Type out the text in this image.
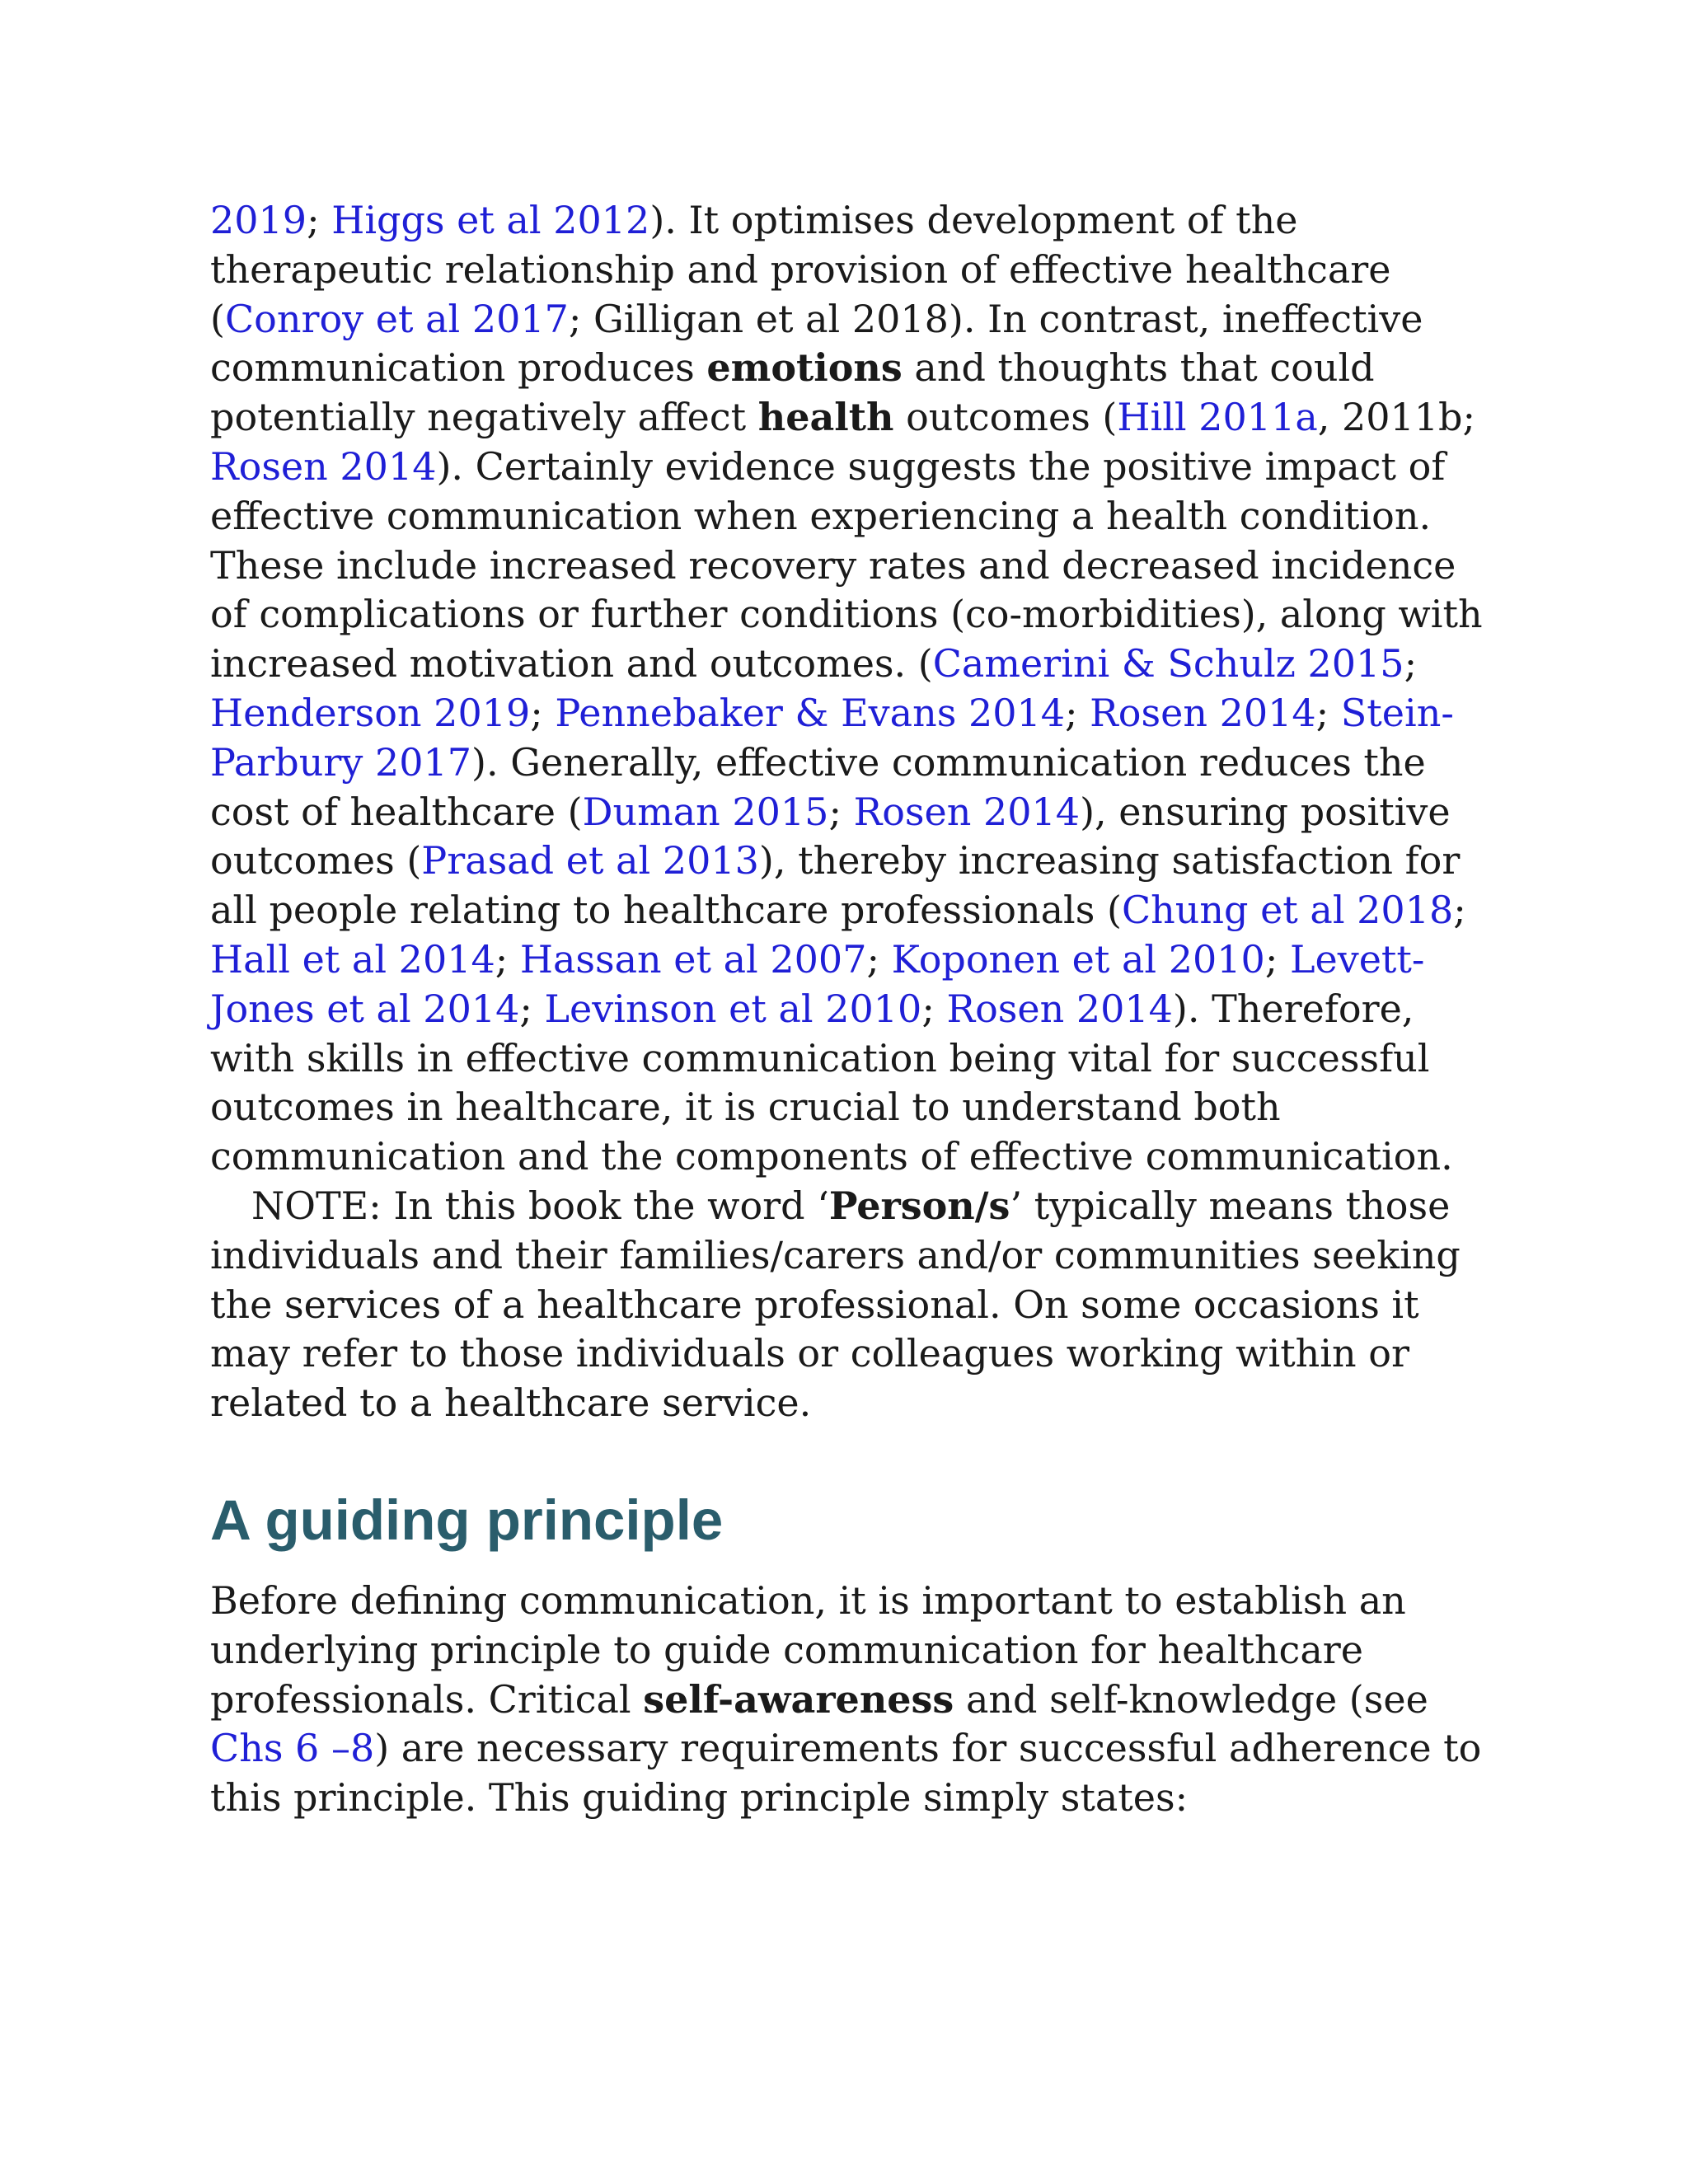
2019; Higgs et al 2012). It optimises development of the therapeutic relationship and provision of effective healthcare (Conroy et al 2017; Gilligan et al 2018). In contrast, ineffective communication produces emotions and thoughts that could potentially negatively affect health outcomes (Hill 2011a, 2011b; Rosen 2014). Certainly evidence suggests the positive impact of effective communication when experiencing a health condition. These include increased recovery rates and decreased incidence of complications or further conditions (co-morbidities), along with increased motivation and outcomes. (Camerini & Schulz 2015; Henderson 2019; Pennebaker & Evans 2014; Rosen 2014; Stein-Parbury 2017). Generally, effective communication reduces the cost of healthcare (Duman 2015; Rosen 2014), ensuring positive outcomes (Prasad et al 2013), thereby increasing satisfaction for all people relating to healthcare professionals (Chung et al 2018; Hall et al 2014; Hassan et al 2007; Koponen et al 2010; Levett-Jones et al 2014; Levinson et al 2010; Rosen 2014). Therefore, with skills in effective communication being vital for successful outcomes in healthcare, it is crucial to understand both communication and the components of effective communication.

NOTE: In this book the word ‘Person/s’ typically means those individuals and their families/carers and/or communities seeking the services of a healthcare professional. On some occasions it may refer to those individuals or colleagues working within or related to a healthcare service.

A guiding principle

Before defining communication, it is important to establish an underlying principle to guide communication for healthcare professionals. Critical self-awareness and self-knowledge (see Chs 6 –8) are necessary requirements for successful adherence to this principle. This guiding principle simply states:
